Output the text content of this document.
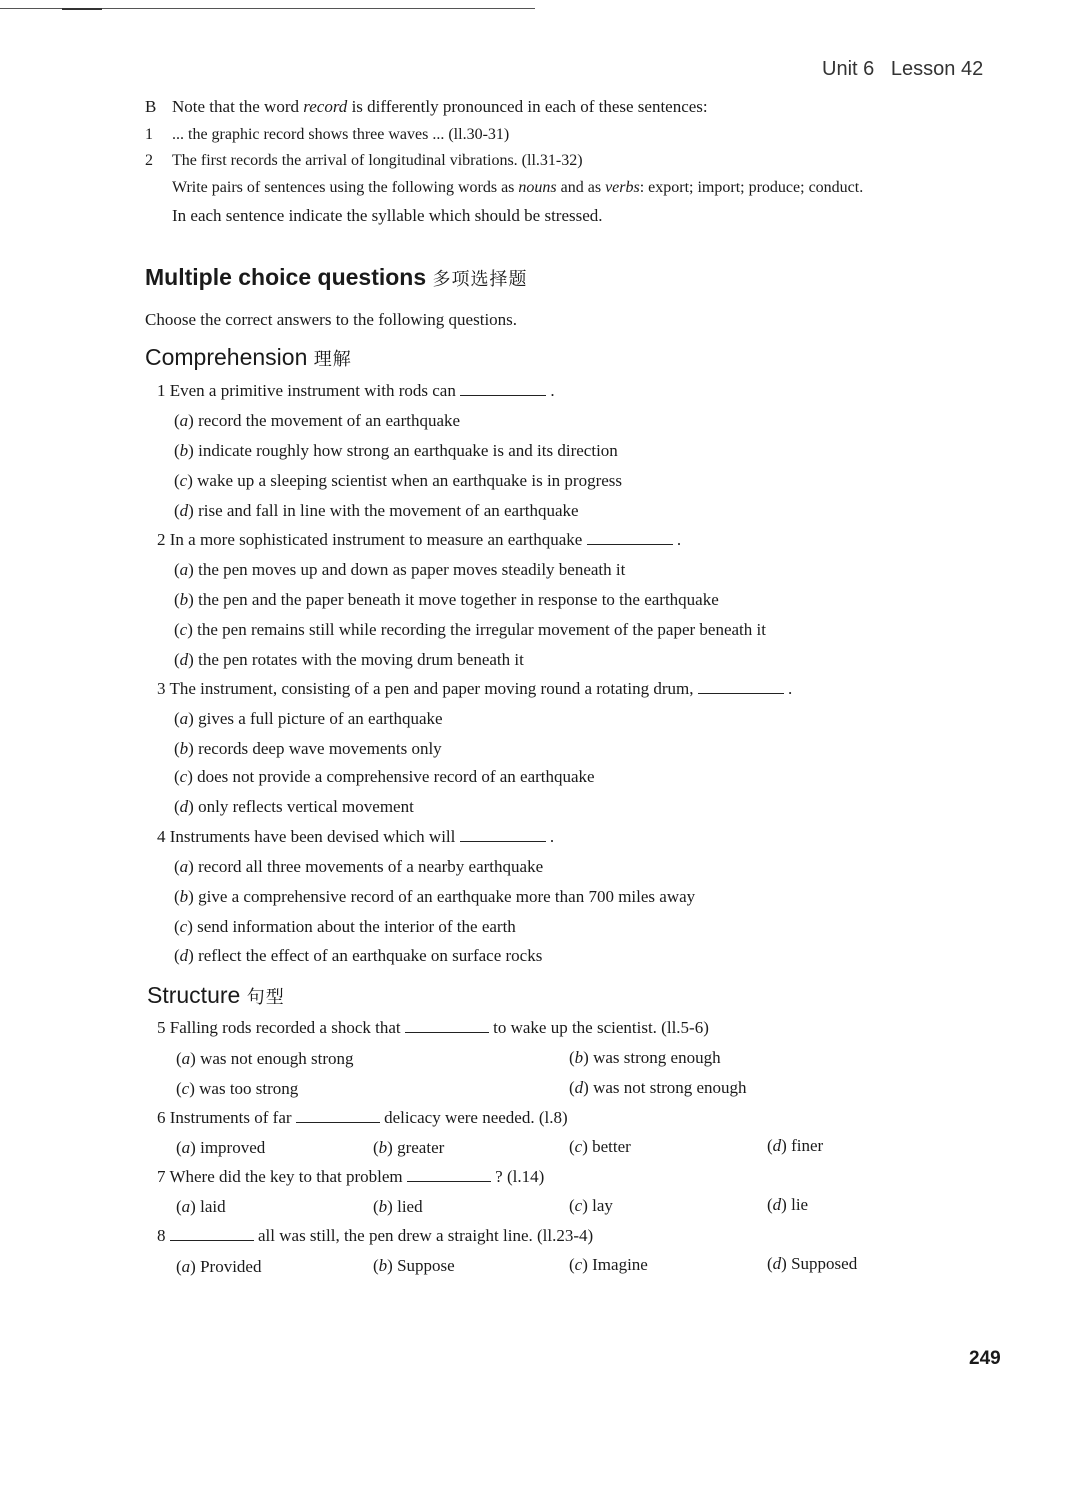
Unit 6 Lesson 42
B Note that the word record is differently pronounced in each of these sentences:
1 ... the graphic record shows three waves ... (ll.30-31)
2 The first records the arrival of longitudinal vibrations. (ll.31-32)
Write pairs of sentences using the following words as nouns and as verbs: export; import; produce; conduct.
In each sentence indicate the syllable which should be stressed.
Multiple choice questions 多项选择题
Choose the correct answers to the following questions.
Comprehension 理解
1 Even a primitive instrument with rods can	.
(a) record the movement of an earthquake
(b) indicate roughly how strong an earthquake is and its direction
(c) wake up a sleeping scientist when an earthquake is in progress
(d) rise and fall in line with the movement of an earthquake
2 In a more sophisticated instrument to measure an earthquake	.
(a) the pen moves up and down as paper moves steadily beneath it
(b) the pen and the paper beneath it move together in response to the earthquake
(c) the pen remains still while recording the irregular movement of the paper beneath it
(d) the pen rotates with the moving drum beneath it
3 The instrument, consisting of a pen and paper moving round a rotating drum,	.
(a) gives a full picture of an earthquake
(b) records deep wave movements only
(c) does not provide a comprehensive record of an earthquake
(d) only reflects vertical movement
4 Instruments have been devised which will	.
(a) record all three movements of a nearby earthquake
(b) give a comprehensive record of an earthquake more than 700 miles away
(c) send information about the interior of the earth
(d) reflect the effect of an earthquake on surface rocks
Structure 句型
5 Falling rods recorded a shock that	to wake up the scientist. (ll.5-6)
(a) was not enough strong	(b) was strong enough
(c) was too strong	(d) was not strong enough
6 Instruments of far	delicacy were needed. (l.8)
(a) improved	(b) greater	(c) better	(d) finer
7 Where did the key to that problem	? (l.14)
(a) laid	(b) lied	(c) lay	(d) lie
8	all was still, the pen drew a straight line. (ll.23-4)
(a) Provided	(b) Suppose	(c) Imagine	(d) Supposed
249
